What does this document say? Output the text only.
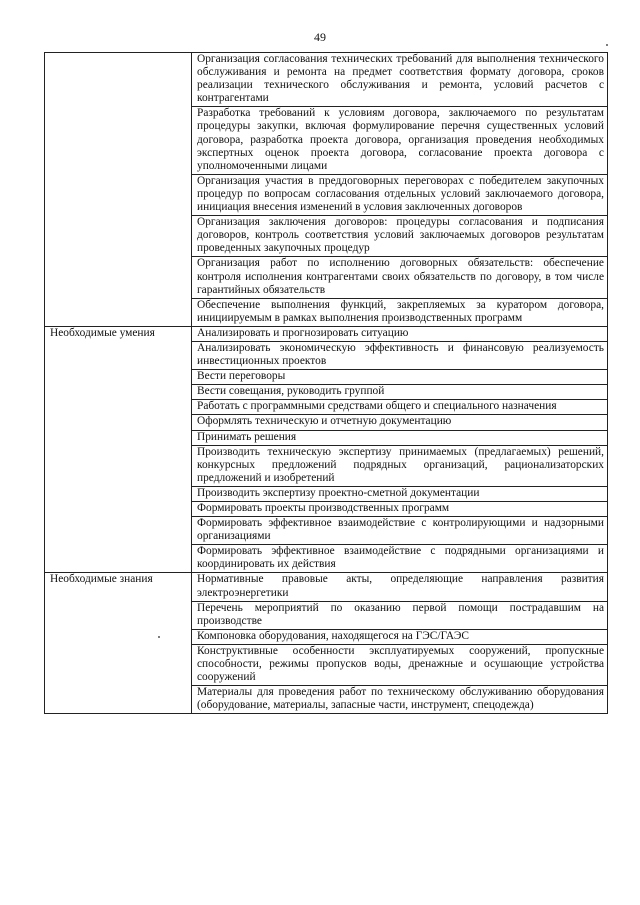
49
	Организация согласования технических требований для выполнения технического обслуживания и ремонта на предмет соответствия формату договора, сроков реализации технического обслуживания и ремонта, условий расчетов с контрагентами
	Разработка требований к условиям договора, заключаемого по результатам процедуры закупки, включая формулирование перечня существенных условий договора, разработка проекта договора, организация проведения необходимых экспертных оценок проекта договора, согласование проекта договора с уполномоченными лицами
	Организация участия в преддоговорных переговорах с победителем закупочных процедур по вопросам согласования отдельных условий заключаемого договора, инициация внесения изменений в условия заключенных договоров
	Организация заключения договоров: процедуры согласования и подписания договоров, контроль соответствия условий заключаемых договоров результатам проведенных закупочных процедур
	Организация работ по исполнению договорных обязательств: обеспечение контроля исполнения контрагентами своих обязательств по договору, в том числе гарантийных обязательств
	Обеспечение выполнения функций, закрепляемых за куратором договора, инициируемым в рамках выполнения производственных программ
Необходимые умения	Анализировать и прогнозировать ситуацию
	Анализировать экономическую эффективность и финансовую реализуемость инвестиционных проектов
	Вести переговоры
	Вести совещания, руководить группой
	Работать с программными средствами общего и специального назначения
	Оформлять техническую и отчетную документацию
	Принимать решения
	Производить техническую экспертизу принимаемых (предлагаемых) решений, конкурсных предложений подрядных организаций, рационализаторских предложений и изобретений
	Производить экспертизу проектно-сметной документации
	Формировать проекты производственных программ
	Формировать эффективное взаимодействие с контролирующими и надзорными организациями
	Формировать эффективное взаимодействие с подрядными организациями и координировать их действия
Необходимые знания	Нормативные правовые акты, определяющие направления развития электроэнергетики
	Перечень мероприятий по оказанию первой помощи пострадавшим на производстве
	Компоновка оборудования, находящегося на ГЭС/ГАЭС
	Конструктивные особенности эксплуатируемых сооружений, пропускные способности, режимы пропусков воды, дренажные и осушающие устройства сооружений
	Материалы для проведения работ по техническому обслуживанию оборудования (оборудование, материалы, запасные части, инструмент, спецодежда)
